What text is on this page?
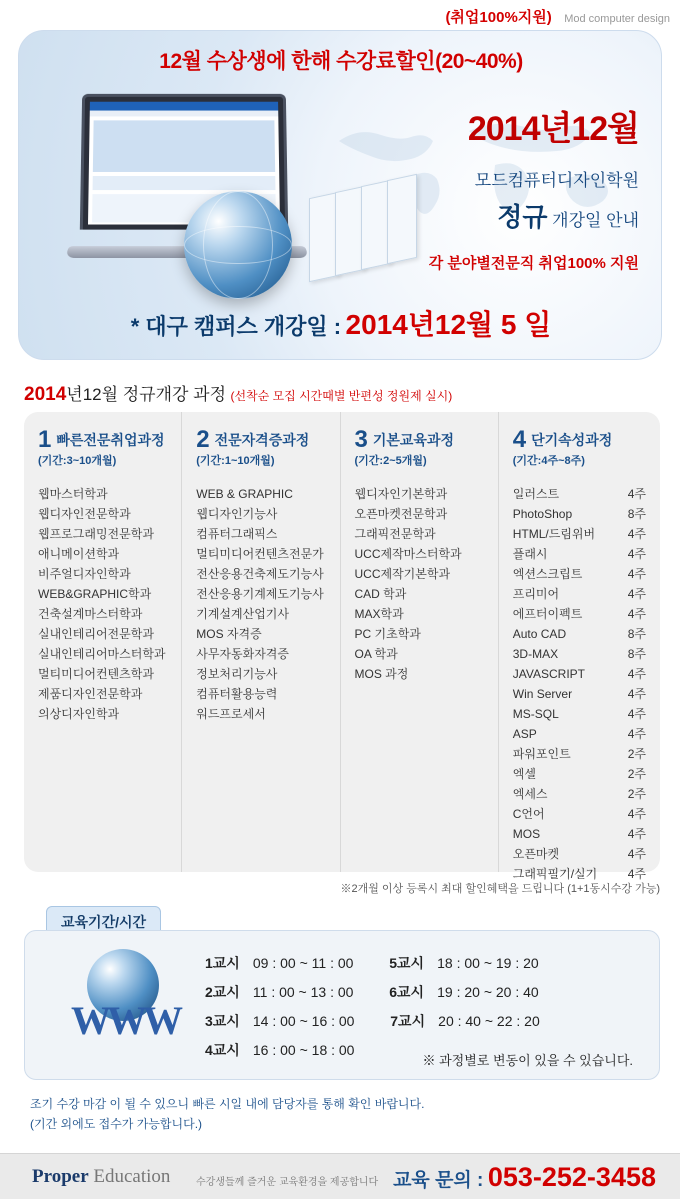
(취업100%지원) Mod computer design
12월 수상생에 한해 수강료할인(20~40%)
2014년12월
모드컴퓨터디자인학원
정규 개강일 안내
각 분야별전문직 취업100% 지원
* 대구 캠퍼스 개강일 : 2014년12월 5 일
2014년12월 정규개강 과정 (선착순 모집 시간때별 반편성 정원제 실시)
1 빠른전문취업과정
(기간:3~10개월)
웹마스터학과
웹디자인전문학과
웹프로그래밍전문학과
애니메이션학과
비주얼디자인학과
WEB&GRAPHIC학과
건축설계마스터학과
실내인테리어전문학과
실내인테리어마스터학과
멀티미디어컨텐츠학과
제품디자인전문학과
의상디자인학과
2 전문자격증과정
(기간:1~10개월)
WEB & GRAPHIC
웹디자인기능사
컴퓨터그래픽스
멀티미디어컨텐츠전문가
전산응용건축제도기능사
전산응용기계제도기능사
기계설계산업기사
MOS 자격증
사무자동화자격증
정보처리기능사
컴퓨터활용능력
워드프로세서
3 기본교육과정
(기간:2~5개월)
웹디자인기본학과
오픈마켓전문학과
그래픽전문학과
UCC제작마스터학과
UCC제작기본학과
CAD 학과
MAX학과
PC 기초학과
OA 학과
MOS 과정
4 단기속성과정
(기간:4주~8주)
일러스트	4주
PhotoShop	8주
HTML/드림위버	4주
플래시	4주
엑션스크립트	4주
프리미어	4주
에프터이펙트	4주
Auto CAD	8주
3D-MAX	8주
JAVASCRIPT	4주
Win Server	4주
MS-SQL	4주
ASP	4주
파워포인트	2주
엑셀	2주
엑세스	2주
C언어	4주
MOS	4주
오픈마켓	4주
그래픽필기/실기	4주
※2개월 이상 등록시 최대 할인혜택을 드립니다 (1+1동시수강 가능)
교육기간/시간
WWW
1교시 09 : 00 ~ 11 : 00	5교시 18 : 00 ~ 19 : 20
2교시 11 : 00 ~ 13 : 00	6교시 19 : 20 ~ 20 : 40
3교시 14 : 00 ~ 16 : 00	7교시 20 : 40 ~ 22 : 20
4교시 16 : 00 ~ 18 : 00
※ 과정별로 변동이 있을 수 있습니다.
조기 수강 마감 이 될 수 있으니 빠른 시일 내에 담당자를 통해 확인 바랍니다.
(기간 외에도 접수가 가능합니다.)
Proper Education	수강생들께 즐거운 교육환경을 제공합니다 교육 문의 : 053-252-3458
